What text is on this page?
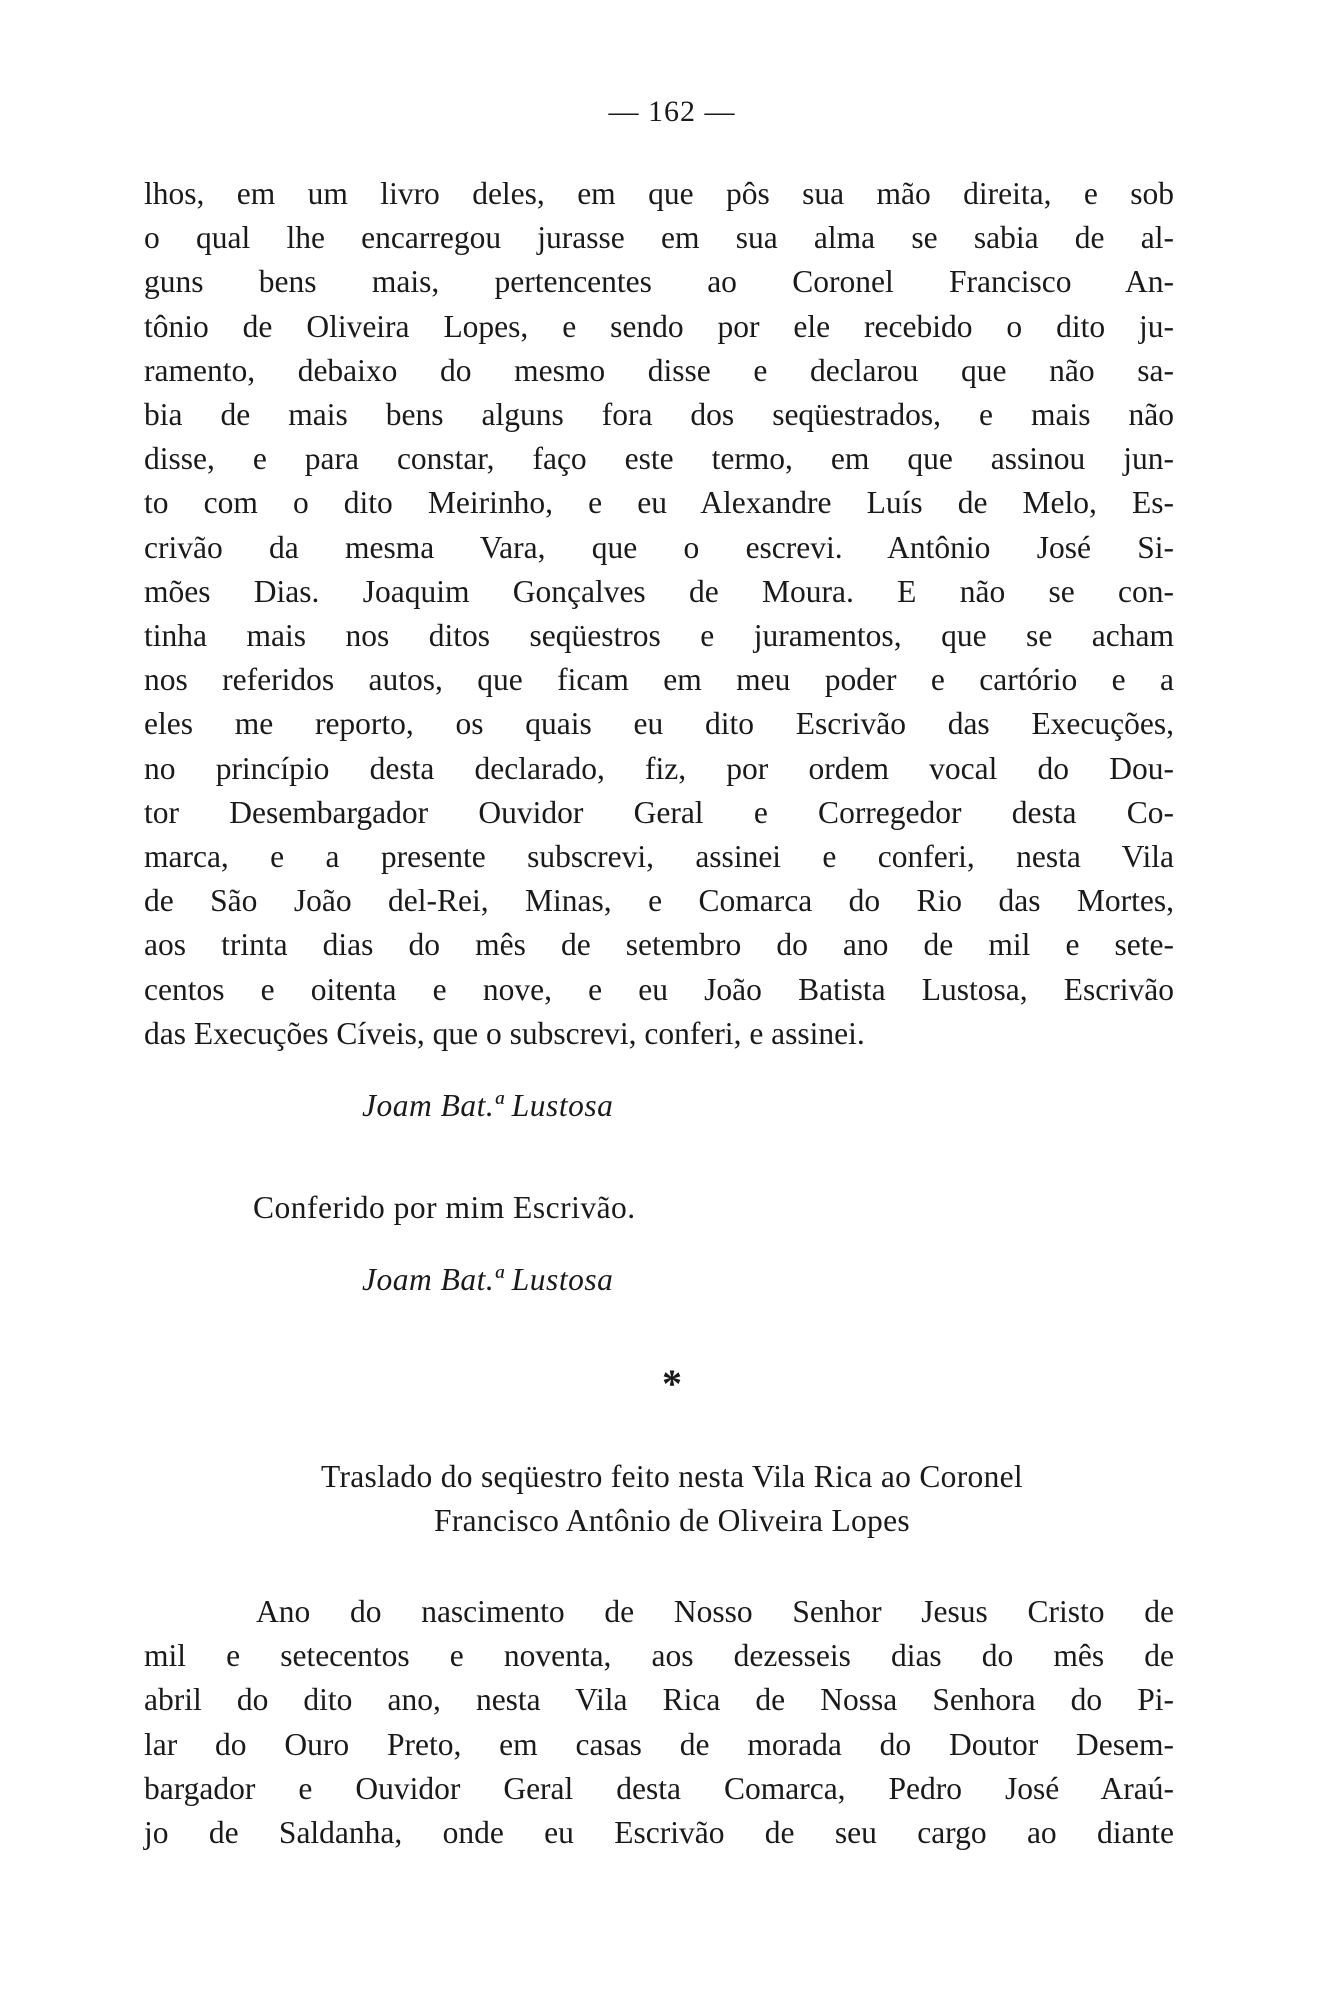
— 162 —
lhos, em um livro deles, em que pôs sua mão direita, e sob
o qual lhe encarregou jurasse em sua alma se sabia de al-
guns bens mais, pertencentes ao Coronel Francisco An-
tônio de Oliveira Lopes, e sendo por ele recebido o dito ju-
ramento, debaixo do mesmo disse e declarou que não sa-
bia de mais bens alguns fora dos seqüestrados, e mais não
disse, e para constar, faço este termo, em que assinou jun-
to com o dito Meirinho, e eu Alexandre Luís de Melo, Es-
crivão da mesma Vara, que o escrevi. Antônio José Si-
mões Dias. Joaquim Gonçalves de Moura. E não se con-
tinha mais nos ditos seqüestros e juramentos, que se acham
nos referidos autos, que ficam em meu poder e cartório e a
eles me reporto, os quais eu dito Escrivão das Execuções,
no princípio desta declarado, fiz, por ordem vocal do Dou-
tor Desembargador Ouvidor Geral e Corregedor desta Co-
marca, e a presente subscrevi, assinei e conferi, nesta Vila
de São João del-Rei, Minas, e Comarca do Rio das Mortes,
aos trinta dias do mês de setembro do ano de mil e sete-
centos e oitenta e nove, e eu João Batista Lustosa, Escrivão
das Execuções Cíveis, que o subscrevi, conferi, e assinei.
Joam Bat.ª Lustosa
Conferido por mim Escrivão.
Joam Bat.ª Lustosa
*
Traslado do seqüestro feito nesta Vila Rica ao Coronel
Francisco Antônio de Oliveira Lopes
Ano do nascimento de Nosso Senhor Jesus Cristo de
mil e setecentos e noventa, aos dezesseis dias do mês de
abril do dito ano, nesta Vila Rica de Nossa Senhora do Pi-
lar do Ouro Preto, em casas de morada do Doutor Desem-
bargador e Ouvidor Geral desta Comarca, Pedro José Araú-
jo de Saldanha, onde eu Escrivão de seu cargo ao diante
